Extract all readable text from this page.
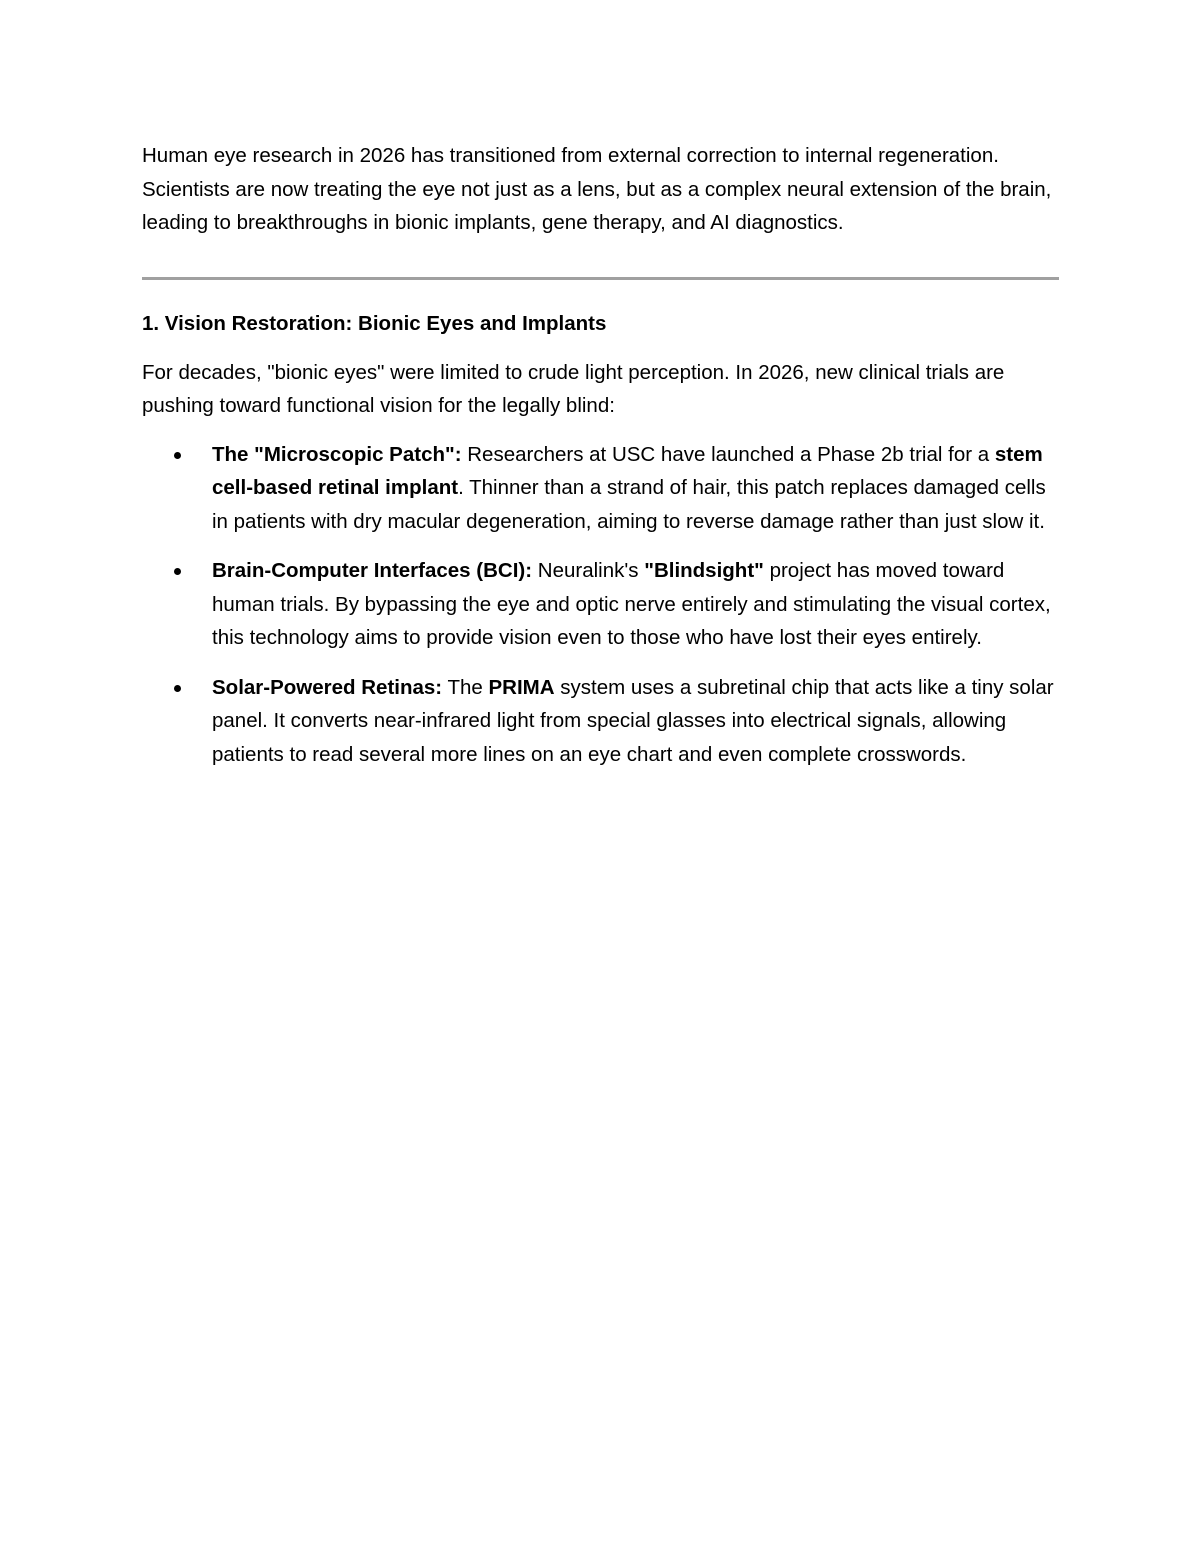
Human eye research in 2026 has transitioned from external correction to internal regeneration. Scientists are now treating the eye not just as a lens, but as a complex neural extension of the brain, leading to breakthroughs in bionic implants, gene therapy, and AI diagnostics.

1. Vision Restoration: Bionic Eyes and Implants

For decades, "bionic eyes" were limited to crude light perception. In 2026, new clinical trials are pushing toward functional vision for the legally blind:

The "Microscopic Patch": Researchers at USC have launched a Phase 2b trial for a stem cell-based retinal implant. Thinner than a strand of hair, this patch replaces damaged cells in patients with dry macular degeneration, aiming to reverse damage rather than just slow it.
Brain-Computer Interfaces (BCI): Neuralink's "Blindsight" project has moved toward human trials. By bypassing the eye and optic nerve entirely and stimulating the visual cortex, this technology aims to provide vision even to those who have lost their eyes entirely.
Solar-Powered Retinas: The PRIMA system uses a subretinal chip that acts like a tiny solar panel. It converts near-infrared light from special glasses into electrical signals, allowing patients to read several more lines on an eye chart and even complete crosswords.
